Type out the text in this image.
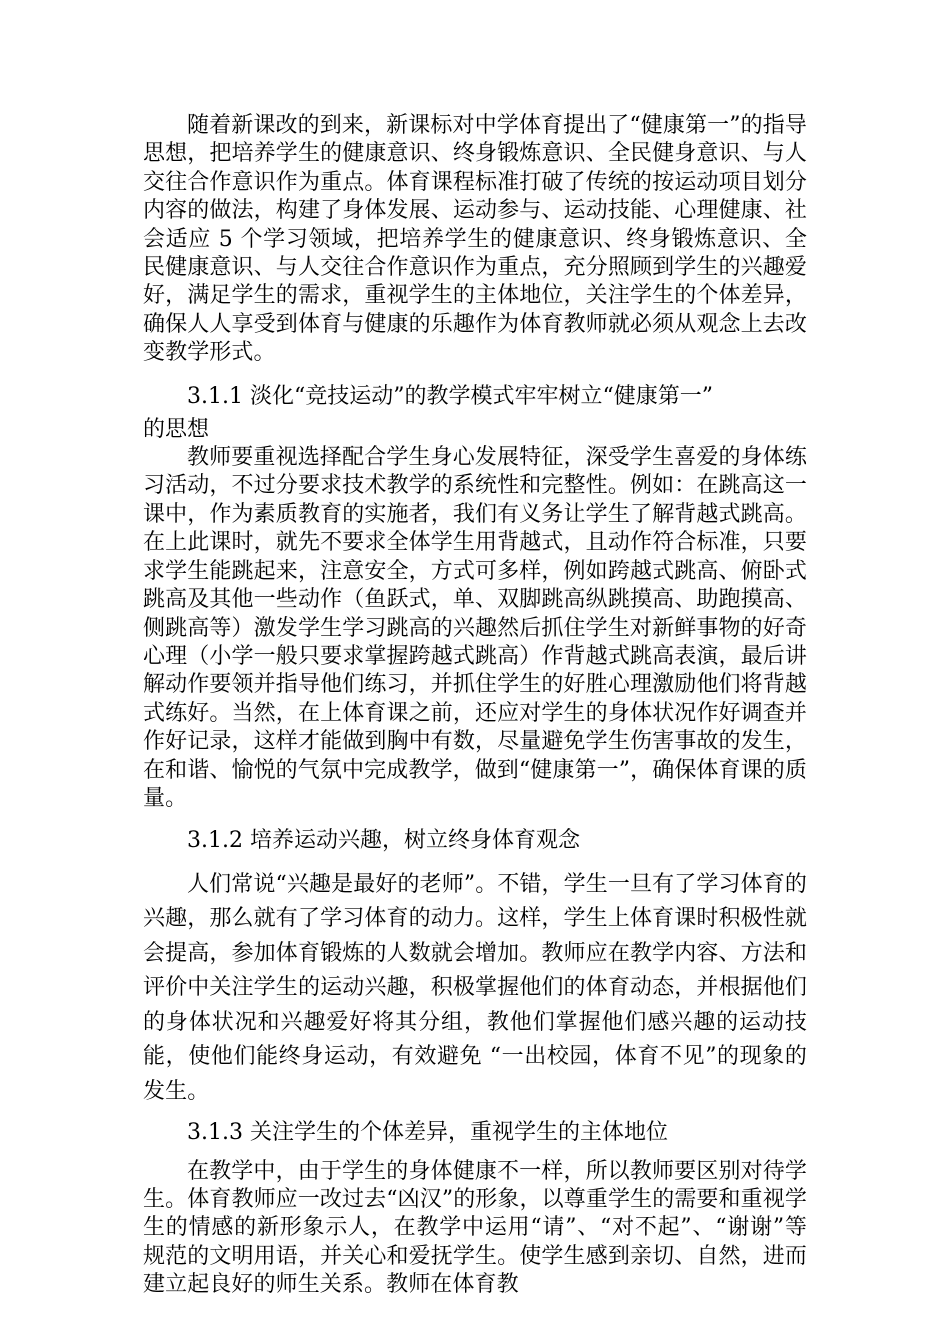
随着新课改的到来，新课标对中学体育提出了“健康第一”的指导思想，把培养学生的健康意识、终身锻炼意识、全民健身意识、与人交往合作意识作为重点。体育课程标准打破了传统的按运动项目划分内容的做法，构建了身体发展、运动参与、运动技能、心理健康、社会适应 5 个学习领域，把培养学生的健康意识、终身锻炼意识、全民健康意识、与人交往合作意识作为重点，充分照顾到学生的兴趣爱好，满足学生的需求，重视学生的主体地位，关注学生的个体差异，确保人人享受到体育与健康的乐趣作为体育教师就必须从观念上去改变教学形式。

3.1.1 淡化“竞技运动”的教学模式牢牢树立“健康第一”

的思想

教师要重视选择配合学生身心发展特征，深受学生喜爱的身体练习活动，不过分要求技术教学的系统性和完整性。例如：在跳高这一课中，作为素质教育的实施者，我们有义务让学生了解背越式跳高。在上此课时，就先不要求全体学生用背越式，且动作符合标准，只要求学生能跳起来，注意安全，方式可多样，例如跨越式跳高、俯卧式跳高及其他一些动作（鱼跃式，单、双脚跳高纵跳摸高、助跑摸高、侧跳高等）激发学生学习跳高的兴趣然后抓住学生对新鲜事物的好奇心理（小学一般只要求掌握跨越式跳高）作背越式跳高表演，最后讲解动作要领并指导他们练习，并抓住学生的好胜心理激励他们将背越式练好。当然，在上体育课之前，还应对学生的身体状况作好调查并作好记录，这样才能做到胸中有数，尽量避免学生伤害事故的发生，在和谐、愉悦的气氛中完成教学，做到“健康第一”，确保体育课的质量。

3.1.2 培养运动兴趣，树立终身体育观念

人们常说“兴趣是最好的老师”。不错，学生一旦有了学习体育的兴趣，那么就有了学习体育的动力。这样，学生上体育课时积极性就会提高，参加体育锻炼的人数就会增加。教师应在教学内容、方法和评价中关注学生的运动兴趣，积极掌握他们的体育动态，并根据他们的身体状况和兴趣爱好将其分组，教他们掌握他们感兴趣的运动技能，使他们能终身运动，有效避免 “一出校园，体育不见”的现象的发生。

3.1.3 关注学生的个体差异，重视学生的主体地位

在教学中，由于学生的身体健康不一样，所以教师要区别对待学生。体育教师应一改过去“凶汉”的形象，以尊重学生的需要和重视学生的情感的新形象示人，在教学中运用“请”、“对不起”、“谢谢”等规范的文明用语，并关心和爱抚学生。使学生感到亲切、自然，进而建立起良好的师生关系。教师在体育教
